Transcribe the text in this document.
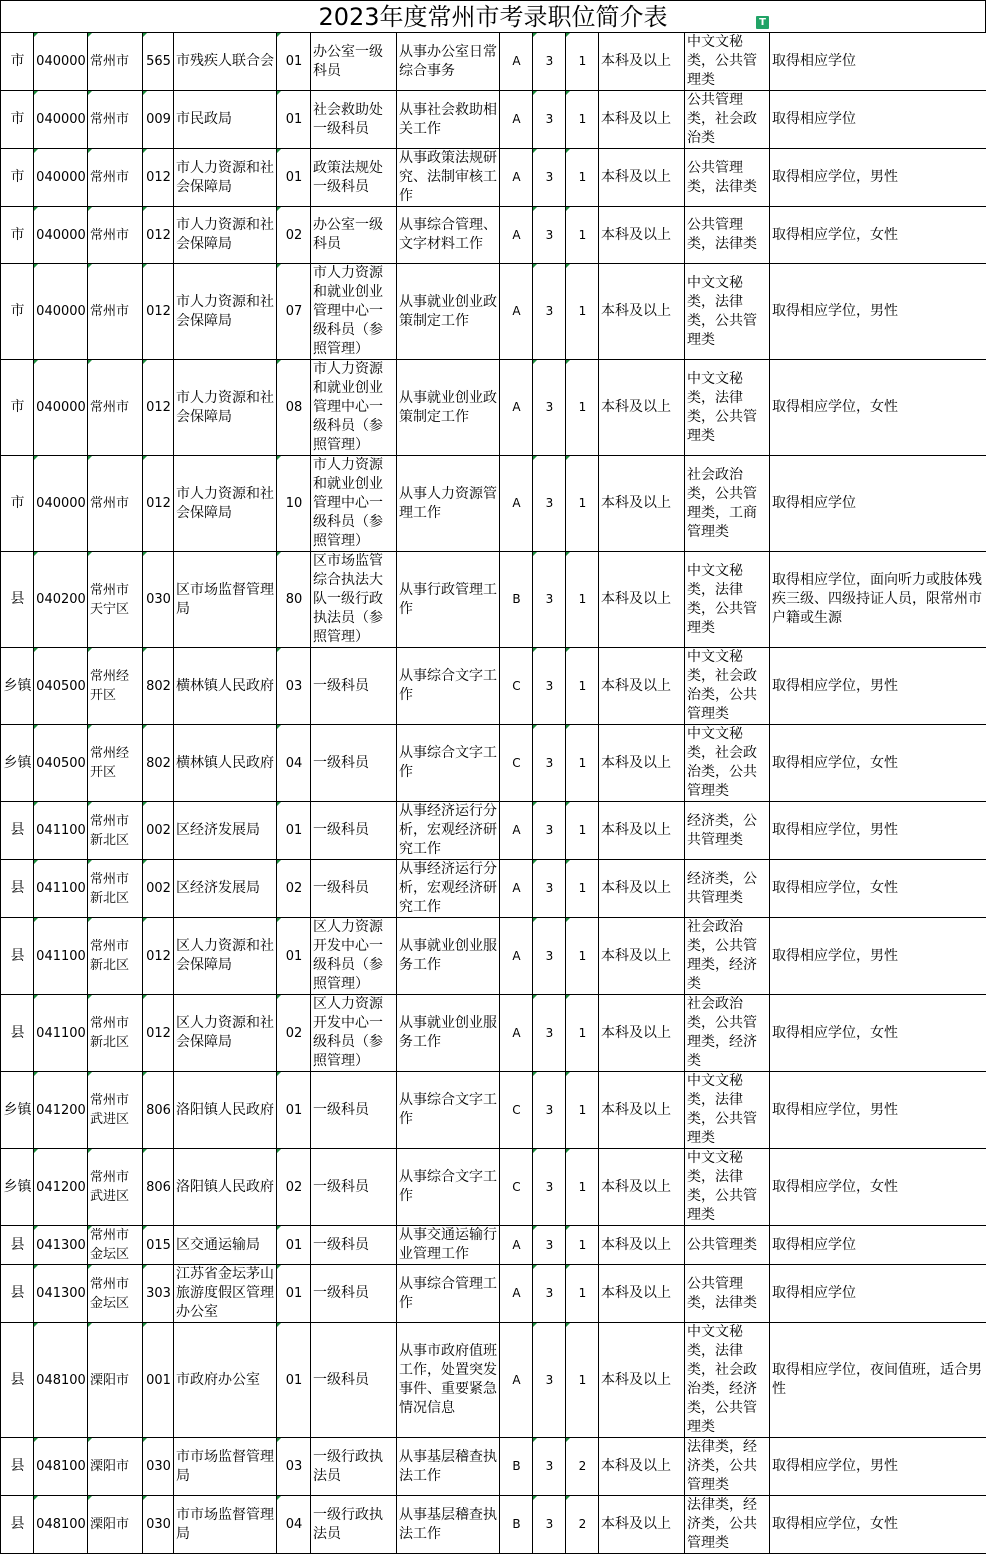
2023年度常州市考录职位简介表	T
市	040000	常州市	565	市残疾人联合会	01	办公室一级科员	从事办公室日常综合事务	A	3	1	本科及以上	中文文秘类，公共管理类	取得相应学位
市	040000	常州市	009	市民政局	01	社会救助处一级科员	从事社会救助相关工作	A	3	1	本科及以上	公共管理类，社会政治类	取得相应学位
市	040000	常州市	012	市人力资源和社会保障局	01	政策法规处一级科员	从事政策法规研究、法制审核工作	A	3	1	本科及以上	公共管理类，法律类	取得相应学位，男性
市	040000	常州市	012	市人力资源和社会保障局	02	办公室一级科员	从事综合管理、文字材料工作	A	3	1	本科及以上	公共管理类，法律类	取得相应学位，女性
市	040000	常州市	012	市人力资源和社会保障局	07	市人力资源和就业创业管理中心一级科员（参照管理）	从事就业创业政策制定工作	A	3	1	本科及以上	中文文秘类，法律类，公共管理类	取得相应学位，男性
市	040000	常州市	012	市人力资源和社会保障局	08	市人力资源和就业创业管理中心一级科员（参照管理）	从事就业创业政策制定工作	A	3	1	本科及以上	中文文秘类，法律类，公共管理类	取得相应学位，女性
市	040000	常州市	012	市人力资源和社会保障局	10	市人力资源和就业创业管理中心一级科员（参照管理）	从事人力资源管理工作	A	3	1	本科及以上	社会政治类，公共管理类，工商管理类	取得相应学位
县	040200	常州市天宁区	030	区市场监督管理局	80	区市场监管综合执法大队一级行政执法员（参照管理）	从事行政管理工作	B	3	1	本科及以上	中文文秘类，法律类，公共管理类	取得相应学位，面向听力或肢体残疾三级、四级持证人员，限常州市户籍或生源
乡镇	040500	常州经开区	802	横林镇人民政府	03	一级科员	从事综合文字工作	C	3	1	本科及以上	中文文秘类，社会政治类，公共管理类	取得相应学位，男性
乡镇	040500	常州经开区	802	横林镇人民政府	04	一级科员	从事综合文字工作	C	3	1	本科及以上	中文文秘类，社会政治类，公共管理类	取得相应学位，女性
县	041100	常州市新北区	002	区经济发展局	01	一级科员	从事经济运行分析，宏观经济研究工作	A	3	1	本科及以上	经济类，公共管理类	取得相应学位，男性
县	041100	常州市新北区	002	区经济发展局	02	一级科员	从事经济运行分析，宏观经济研究工作	A	3	1	本科及以上	经济类，公共管理类	取得相应学位，女性
县	041100	常州市新北区	012	区人力资源和社会保障局	01	区人力资源开发中心一级科员（参照管理）	从事就业创业服务工作	A	3	1	本科及以上	社会政治类，公共管理类，经济类	取得相应学位，男性
县	041100	常州市新北区	012	区人力资源和社会保障局	02	区人力资源开发中心一级科员（参照管理）	从事就业创业服务工作	A	3	1	本科及以上	社会政治类，公共管理类，经济类	取得相应学位，女性
乡镇	041200	常州市武进区	806	洛阳镇人民政府	01	一级科员	从事综合文字工作	C	3	1	本科及以上	中文文秘类，法律类，公共管理类	取得相应学位，男性
乡镇	041200	常州市武进区	806	洛阳镇人民政府	02	一级科员	从事综合文字工作	C	3	1	本科及以上	中文文秘类，法律类，公共管理类	取得相应学位，女性
县	041300	常州市金坛区	015	区交通运输局	01	一级科员	从事交通运输行业管理工作	A	3	1	本科及以上	公共管理类	取得相应学位
县	041300	常州市金坛区	303	江苏省金坛茅山旅游度假区管理办公室	01	一级科员	从事综合管理工作	A	3	1	本科及以上	公共管理类，法律类	取得相应学位
县	048100	溧阳市	001	市政府办公室	01	一级科员	从事市政府值班工作，处置突发事件、重要紧急情况信息	A	3	1	本科及以上	中文文秘类，法律类，社会政治类，经济类，公共管理类	取得相应学位，夜间值班，适合男性
县	048100	溧阳市	030	市市场监督管理局	03	一级行政执法员	从事基层稽查执法工作	B	3	2	本科及以上	法律类，经济类，公共管理类	取得相应学位，男性
县	048100	溧阳市	030	市市场监督管理局	04	一级行政执法员	从事基层稽查执法工作	B	3	2	本科及以上	法律类，经济类，公共管理类	取得相应学位，女性
